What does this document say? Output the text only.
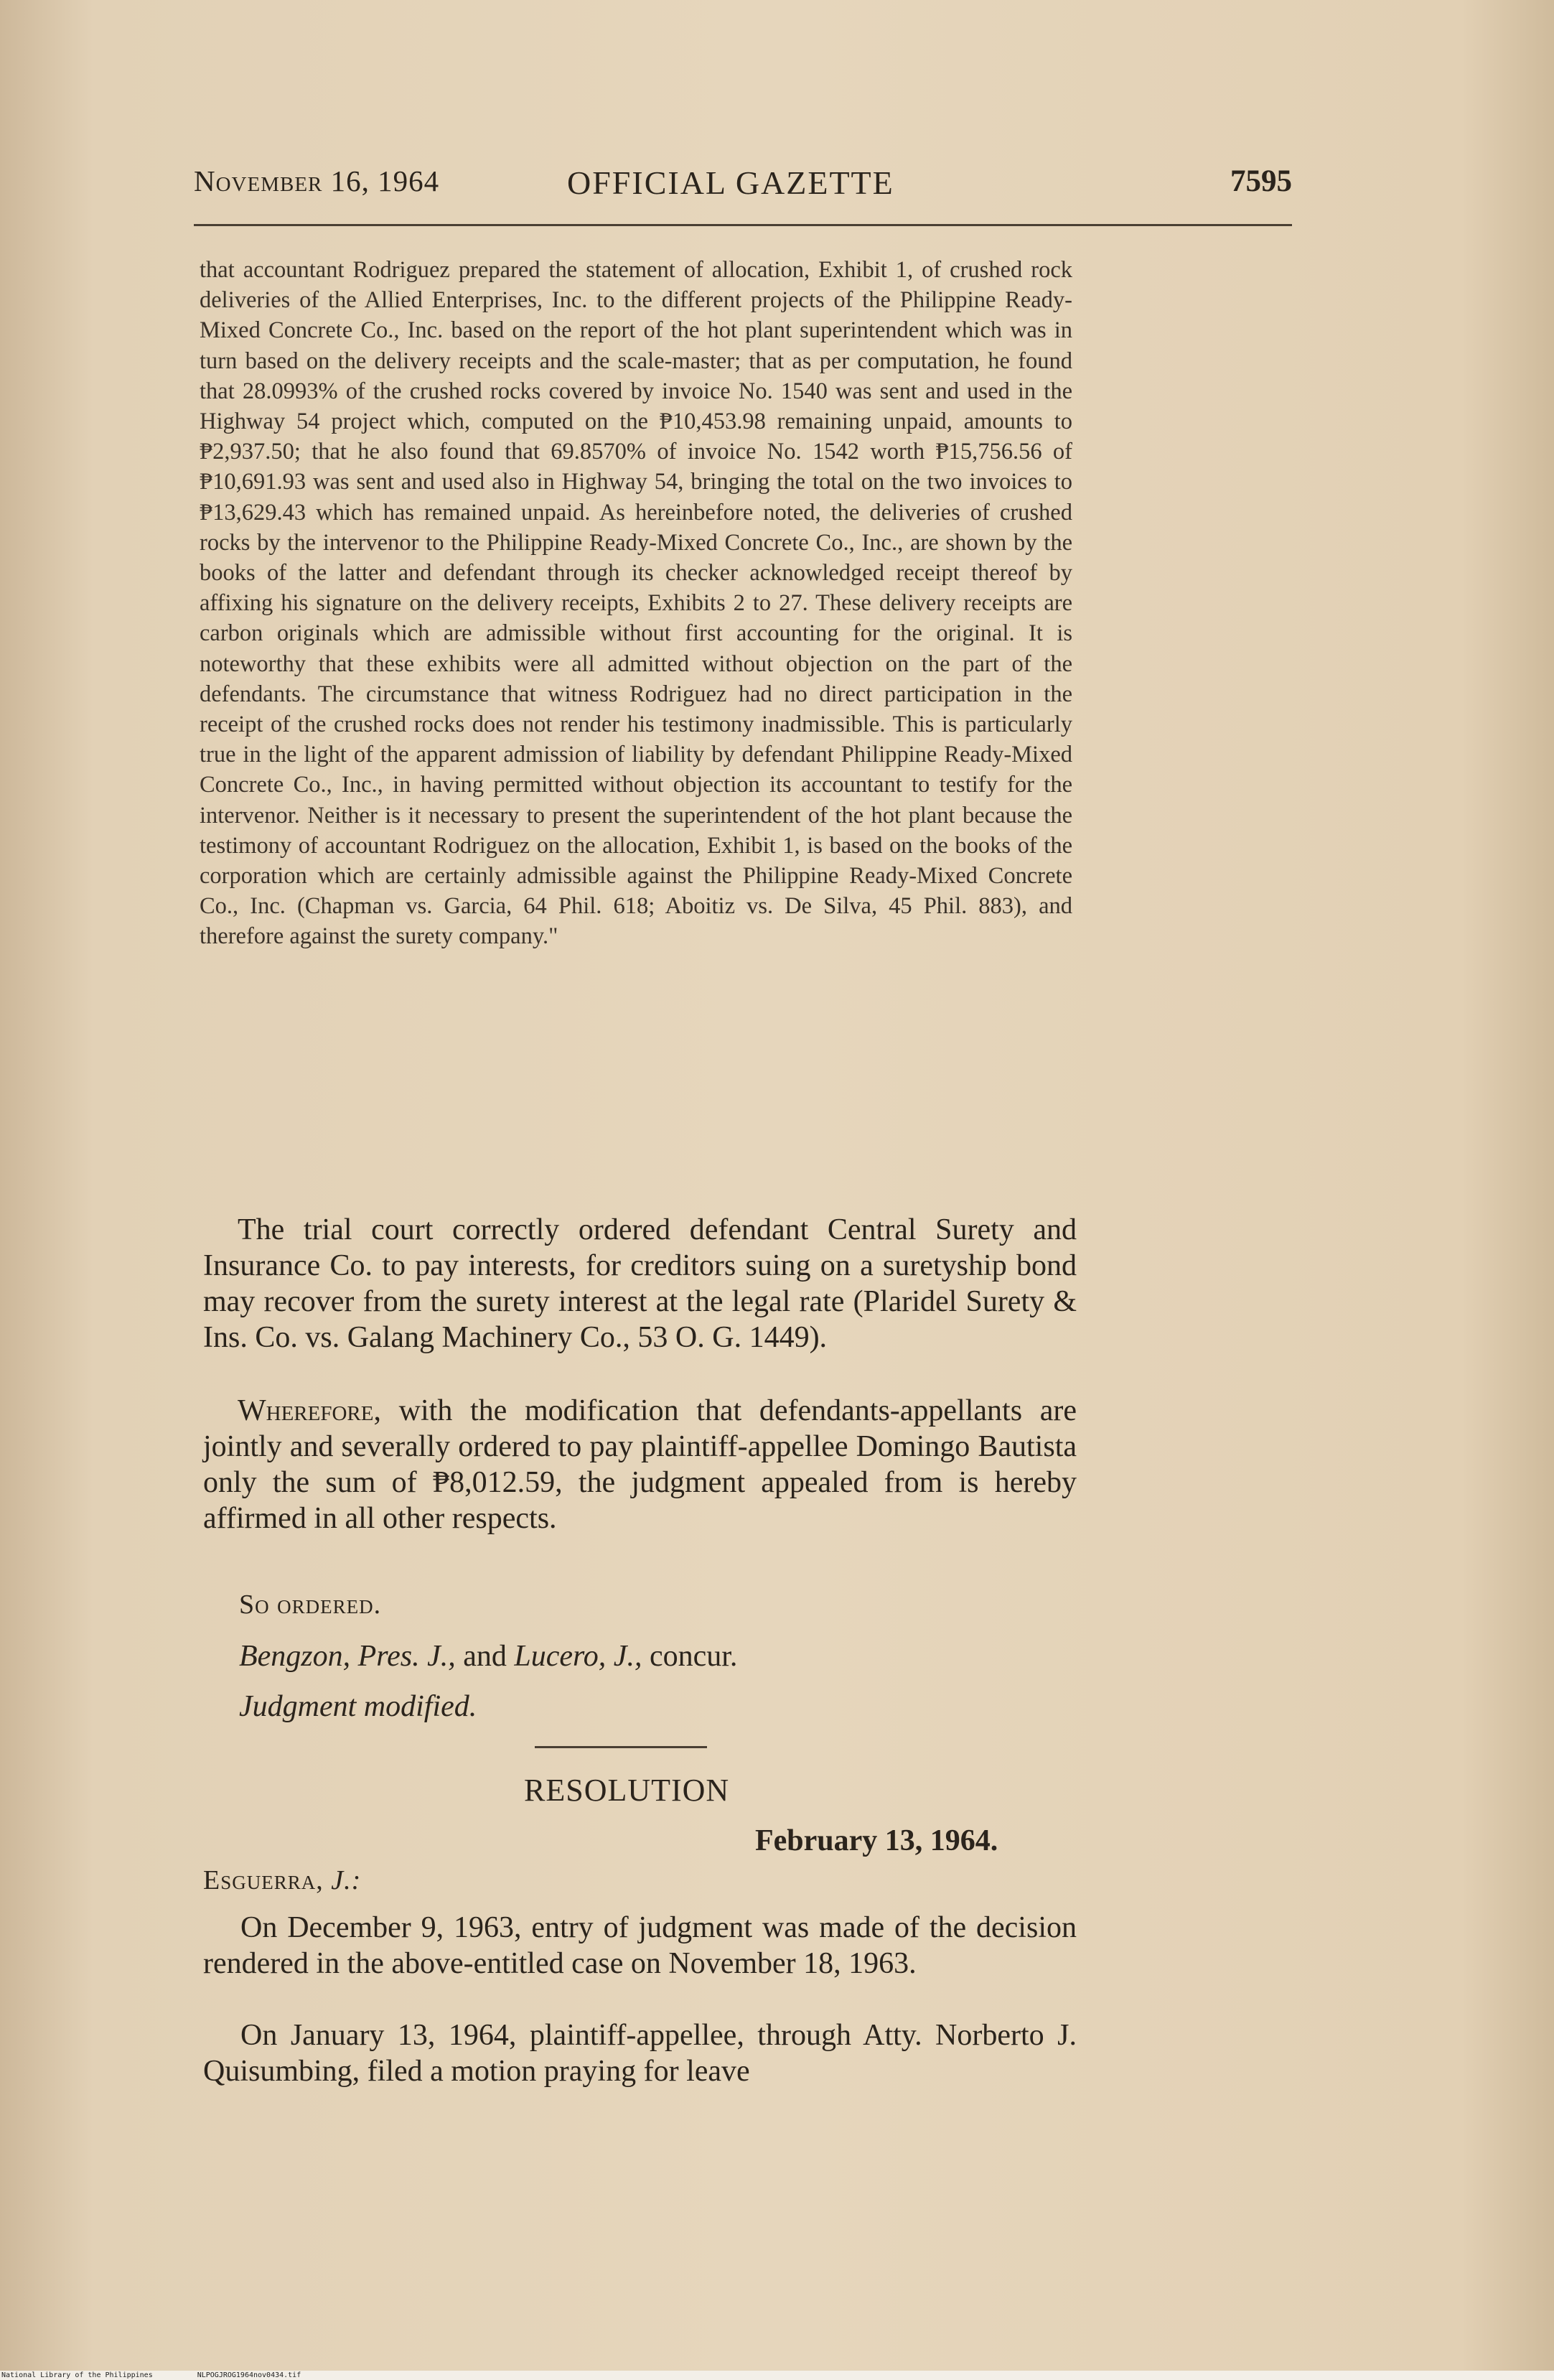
November 16, 1964	OFFICIAL GAZETTE	7595
that accountant Rodriguez prepared the statement of allocation, Exhibit 1, of crushed rock deliveries of the Allied Enterprises, Inc. to the different projects of the Philippine Ready-Mixed Concrete Co., Inc. based on the report of the hot plant superintendent which was in turn based on the delivery receipts and the scale-master; that as per computation, he found that 28.0993% of the crushed rocks covered by invoice No. 1540 was sent and used in the Highway 54 project which, computed on the ₱10,453.98 remaining unpaid, amounts to ₱2,937.50; that he also found that 69.8570% of invoice No. 1542 worth ₱15,756.56 of ₱10,691.93 was sent and used also in Highway 54, bringing the total on the two invoices to ₱13,629.43 which has remained unpaid. As hereinbefore noted, the deliveries of crushed rocks by the intervenor to the Philippine Ready-Mixed Concrete Co., Inc., are shown by the books of the latter and defendant through its checker acknowledged receipt thereof by affixing his signature on the delivery receipts, Exhibits 2 to 27. These delivery receipts are carbon originals which are admissible without first accounting for the original. It is noteworthy that these exhibits were all admitted without objection on the part of the defendants. The circumstance that witness Rodriguez had no direct participation in the receipt of the crushed rocks does not render his testimony inadmissible. This is particularly true in the light of the apparent admission of liability by defendant Philippine Ready-Mixed Concrete Co., Inc., in having permitted without objection its accountant to testify for the intervenor. Neither is it necessary to present the superintendent of the hot plant because the testimony of accountant Rodriguez on the allocation, Exhibit 1, is based on the books of the corporation which are certainly admissible against the Philippine Ready-Mixed Concrete Co., Inc. (Chapman vs. Garcia, 64 Phil. 618; Aboitiz vs. De Silva, 45 Phil. 883), and therefore against the surety company."
The trial court correctly ordered defendant Central Surety and Insurance Co. to pay interests, for creditors suing on a suretyship bond may recover from the surety interest at the legal rate (Plaridel Surety & Ins. Co. vs. Galang Machinery Co., 53 O. G. 1449).
Wherefore, with the modification that defendants-appellants are jointly and severally ordered to pay plaintiff-appellee Domingo Bautista only the sum of ₱8,012.59, the judgment appealed from is hereby affirmed in all other respects.
So ordered.
Bengzon, Pres. J., and Lucero, J., concur.
Judgment modified.
RESOLUTION
February 13, 1964.
Esguerra, J.:
On December 9, 1963, entry of judgment was made of the decision rendered in the above-entitled case on November 18, 1963.
On January 13, 1964, plaintiff-appellee, through Atty. Norberto J. Quisumbing, filed a motion praying for leave
National Library of the Philippines	NLPOGJROG1964nov0434.tif
